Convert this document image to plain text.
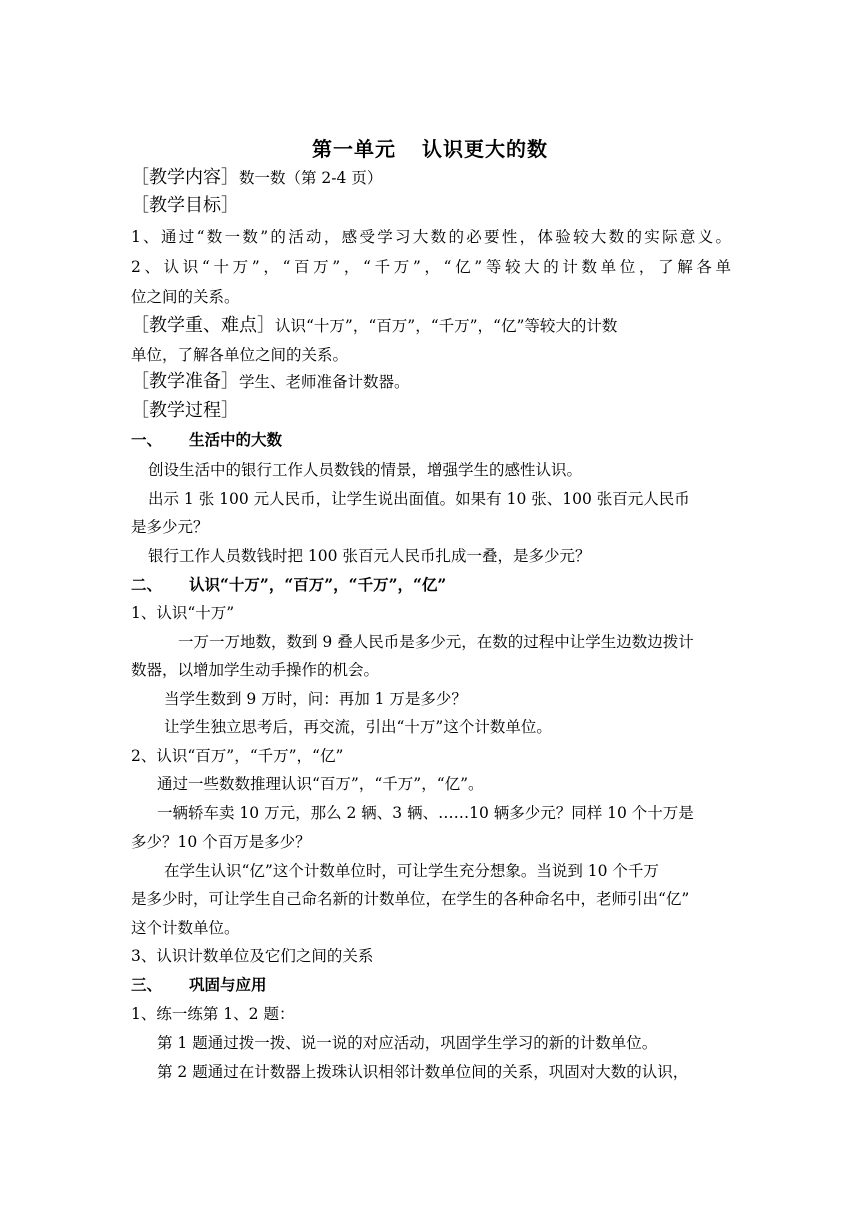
第一单元 认识更大的数
［教学内容］数一数（第 2-4 页）
［教学目标］
1、通过“数一数”的活动，感受学习大数的必要性，体验较大数的实际意义。
2、认识“十万”，“百万”，“千万”，“亿”等较大的计数单位，了解各单
位之间的关系。
［教学重、难点］认识“十万”，“百万”，“千万”，“亿”等较大的计数
单位，了解各单位之间的关系。
［教学准备］学生、老师准备计数器。
［教学过程］
一、 生活中的大数
创设生活中的银行工作人员数钱的情景，增强学生的感性认识。
出示 1 张 100 元人民币，让学生说出面值。如果有 10 张、100 张百元人民币
是多少元？
银行工作人员数钱时把 100 张百元人民币扎成一叠，是多少元？
二、 认识“十万”，“百万”，“千万”，“亿”
1、认识“十万”
一万一万地数，数到 9 叠人民币是多少元，在数的过程中让学生边数边拨计
数器，以增加学生动手操作的机会。
当学生数到 9 万时，问：再加 1 万是多少？
让学生独立思考后，再交流，引出“十万”这个计数单位。
2、认识“百万”，“千万”，“亿”
通过一些数数推理认识“百万”，“千万”，“亿”。
一辆轿车卖 10 万元，那么 2 辆、3 辆、……10 辆多少元？同样 10 个十万是
多少？10 个百万是多少？
在学生认识“亿”这个计数单位时，可让学生充分想象。当说到 10 个千万
是多少时，可让学生自己命名新的计数单位，在学生的各种命名中，老师引出“亿”
这个计数单位。
3、认识计数单位及它们之间的关系
三、 巩固与应用
1、练一练第 1、2 题：
第 1 题通过拨一拨、说一说的对应活动，巩固学生学习的新的计数单位。
第 2 题通过在计数器上拨珠认识相邻计数单位间的关系，巩固对大数的认识，
